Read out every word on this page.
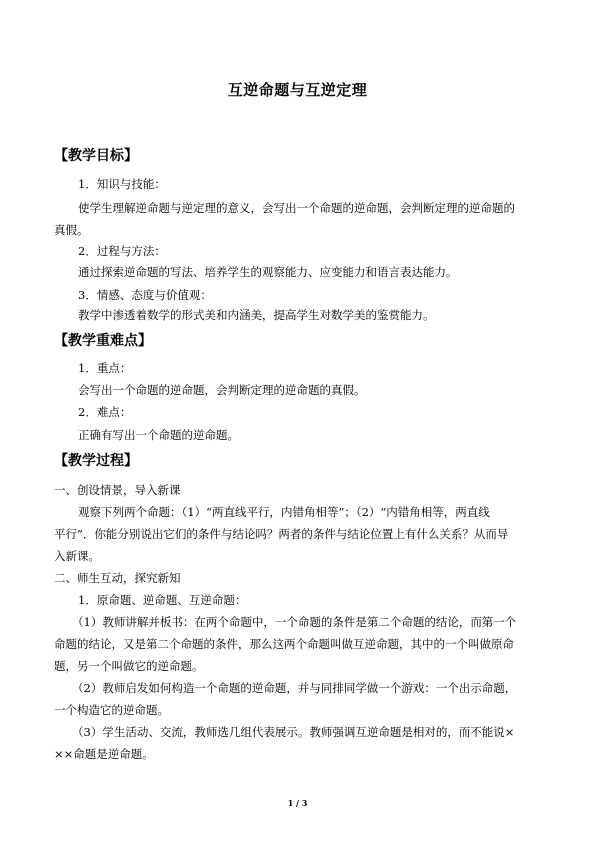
互逆命题与互逆定理
【教学目标】
1．知识与技能：
使学生理解逆命题与逆定理的意义，会写出一个命题的逆命题，会判断定理的逆命题的
真假。
2．过程与方法：
通过探索逆命题的写法、培养学生的观察能力、应变能力和语言表达能力。
3．情感、态度与价值观：
教学中渗透着数学的形式美和内涵美，提高学生对数学美的鉴赏能力。
【教学重难点】
1．重点：
会写出一个命题的逆命题，会判断定理的逆命题的真假。
2．难点：
正确有写出一个命题的逆命题。
【教学过程】
一、创设情景，导入新课
观察下列两个命题：（1）“两直线平行，内错角相等”；（2）“内错角相等，两直线
平行”．你能分别说出它们的条件与结论吗？两者的条件与结论位置上有什么关系？从而导
入新课。
二、师生互动，探究新知
1．原命题、逆命题、互逆命题：
（1）教师讲解并板书：在两个命题中，一个命题的条件是第二个命题的结论，而第一个
命题的结论，又是第二个命题的条件，那么这两个命题叫做互逆命题，其中的一个叫做原命
题，另一个叫做它的逆命题。
（2）教师启发如何构造一个命题的逆命题，并与同排同学做一个游戏：一个出示命题，
一个构造它的逆命题。
（3）学生活动、交流，教师选几组代表展示。教师强调互逆命题是相对的，而不能说×
××命题是逆命题。
1 / 3
